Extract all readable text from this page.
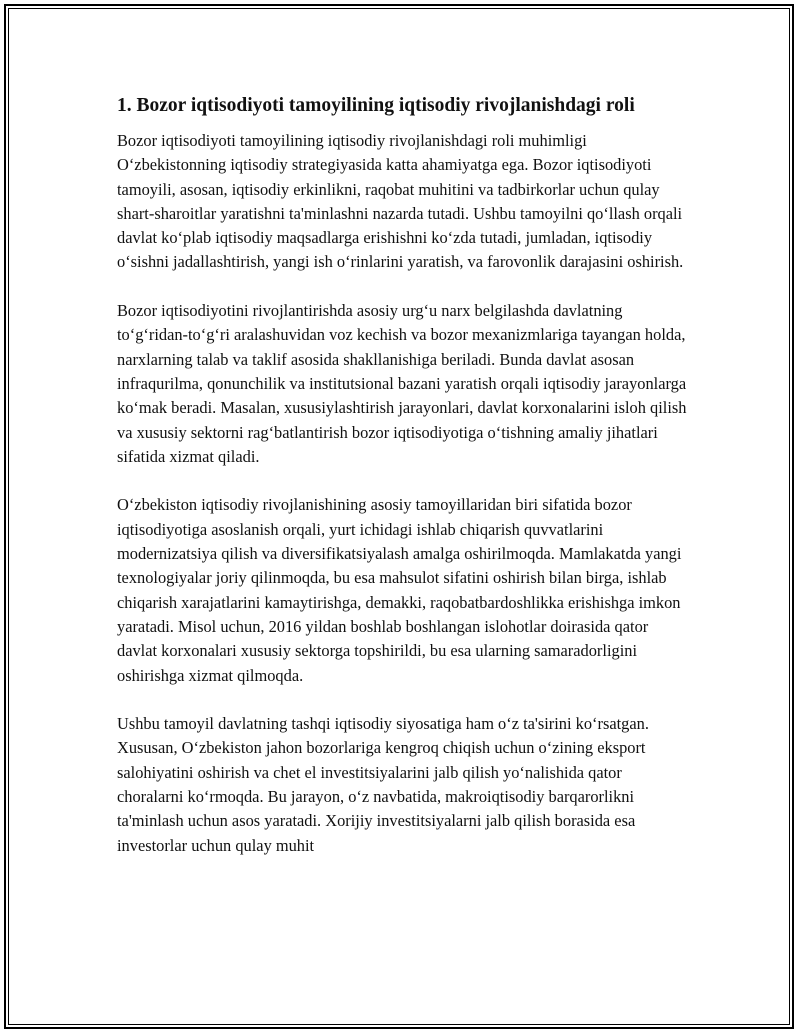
1. Bozor iqtisodiyoti tamoyilining iqtisodiy rivojlanishdagi roli

Bozor iqtisodiyoti tamoyilining iqtisodiy rivojlanishdagi roli muhimligi O‘zbekistonning iqtisodiy strategiyasida katta ahamiyatga ega. Bozor iqtisodiyoti tamoyili, asosan, iqtisodiy erkinlikni, raqobat muhitini va tadbirkorlar uchun qulay shart-sharoitlar yaratishni ta'minlashni nazarda tutadi. Ushbu tamoyilni qo‘llash orqali davlat ko‘plab iqtisodiy maqsadlarga erishishni ko‘zda tutadi, jumladan, iqtisodiy o‘sishni jadallashtirish, yangi ish o‘rinlarini yaratish, va farovonlik darajasini oshirish.

Bozor iqtisodiyotini rivojlantirishda asosiy urg‘u narx belgilashda davlatning to‘g‘ridan-to‘g‘ri aralashuvidan voz kechish va bozor mexanizmlariga tayangan holda, narxlarning talab va taklif asosida shakllanishiga beriladi. Bunda davlat asosan infraqurilma, qonunchilik va institutsional bazani yaratish orqali iqtisodiy jarayonlarga ko‘mak beradi. Masalan, xususiylashtirish jarayonlari, davlat korxonalarini isloh qilish va xususiy sektorni rag‘batlantirish bozor iqtisodiyotiga o‘tishning amaliy jihatlari sifatida xizmat qiladi.

O‘zbekiston iqtisodiy rivojlanishining asosiy tamoyillaridan biri sifatida bozor iqtisodiyotiga asoslanish orqali, yurt ichidagi ishlab chiqarish quvvatlarini modernizatsiya qilish va diversifikatsiyalash amalga oshirilmoqda. Mamlakatda yangi texnologiyalar joriy qilinmoqda, bu esa mahsulot sifatini oshirish bilan birga, ishlab chiqarish xarajatlarini kamaytirishga, demakki, raqobatbardoshlikka erishishga imkon yaratadi. Misol uchun, 2016 yildan boshlab boshlangan islohotlar doirasida qator davlat korxonalari xususiy sektorga topshirildi, bu esa ularning samaradorligini oshirishga xizmat qilmoqda.

Ushbu tamoyil davlatning tashqi iqtisodiy siyosatiga ham o‘z ta'sirini ko‘rsatgan. Xususan, O‘zbekiston jahon bozorlariga kengroq chiqish uchun o‘zining eksport salohiyatini oshirish va chet el investitsiyalarini jalb qilish yo‘nalishida qator choralarni ko‘rmoqda. Bu jarayon, o‘z navbatida, makroiqtisodiy barqarorlikni ta'minlash uchun asos yaratadi. Xorijiy investitsiyalarni jalb qilish borasida esa investorlar uchun qulay muhit
